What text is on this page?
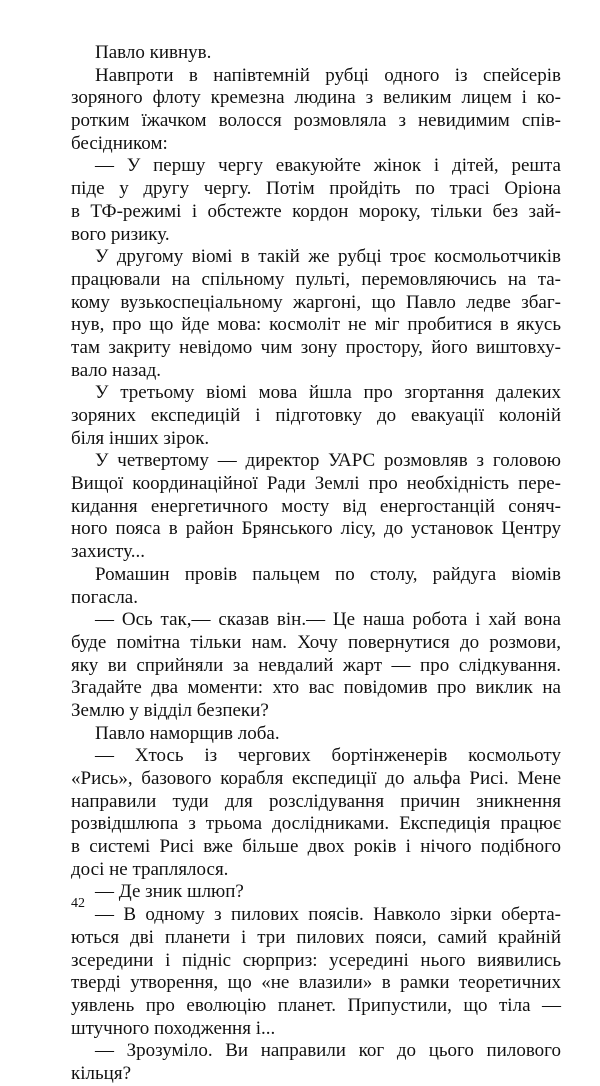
Павло кивнув.
Навпроти в напівтемній рубці одного із спейсерів
зоряного флоту кремезна людина з великим лицем і ко-
ротким їжачком волосся розмовляла з невидимим спів-
бесідником:
— У першу чергу евакуюйте жінок і дітей, решта
піде у другу чергу. Потім пройдіть по трасі Оріона
в ТФ-режимі і обстежте кордон мороку, тільки без зай-
вого ризику.
У другому віомі в такій же рубці троє космольотчиків
працювали на спільному пульті, перемовляючись на та-
кому вузькоспеціальному жаргоні, що Павло ледве збаг-
нув, про що йде мова: космоліт не міг пробитися в якусь
там закриту невідомо чим зону простору, його виштовху-
вало назад.
У третьому віомі мова йшла про згортання далеких
зоряних експедицій і підготовку до евакуації колоній
біля інших зірок.
У четвертому — директор УАРС розмовляв з головою
Вищої координаційної Ради Землі про необхідність пере-
кидання енергетичного мосту від енергостанцій соняч-
ного пояса в район Брянського лісу, до установок Центру
захисту...
Ромашин провів пальцем по столу, райдуга віомів
погасла.
— Ось так,— сказав він.— Це наша робота і хай вона
буде помітна тільки нам. Хочу повернутися до розмови,
яку ви сприйняли за невдалий жарт — про слідкування.
Згадайте два моменти: хто вас повідомив про виклик на
Землю у відділ безпеки?
Павло наморщив лоба.
— Хтось із чергових бортінженерів космольоту
«Рись», базового корабля експедиції до альфа Рисі. Мене
направили туди для розслідування причин зникнення
розвідшлюпа з трьома дослідниками. Експедиція працює
в системі Рисі вже більше двох років і нічого подібного
досі не траплялося.
— Де зник шлюп?
— В одному з пилових поясів. Навколо зірки оберта-
ються дві планети і три пилових пояси, самий крайній
зсередини і підніс сюрприз: усередині нього виявились
тверді утворення, що «не влазили» в рамки теоретичних
уявлень про еволюцію планет. Припустили, що тіла —
штучного походження і...
— Зрозуміло. Ви направили ког до цього пилового
кільця?
42
